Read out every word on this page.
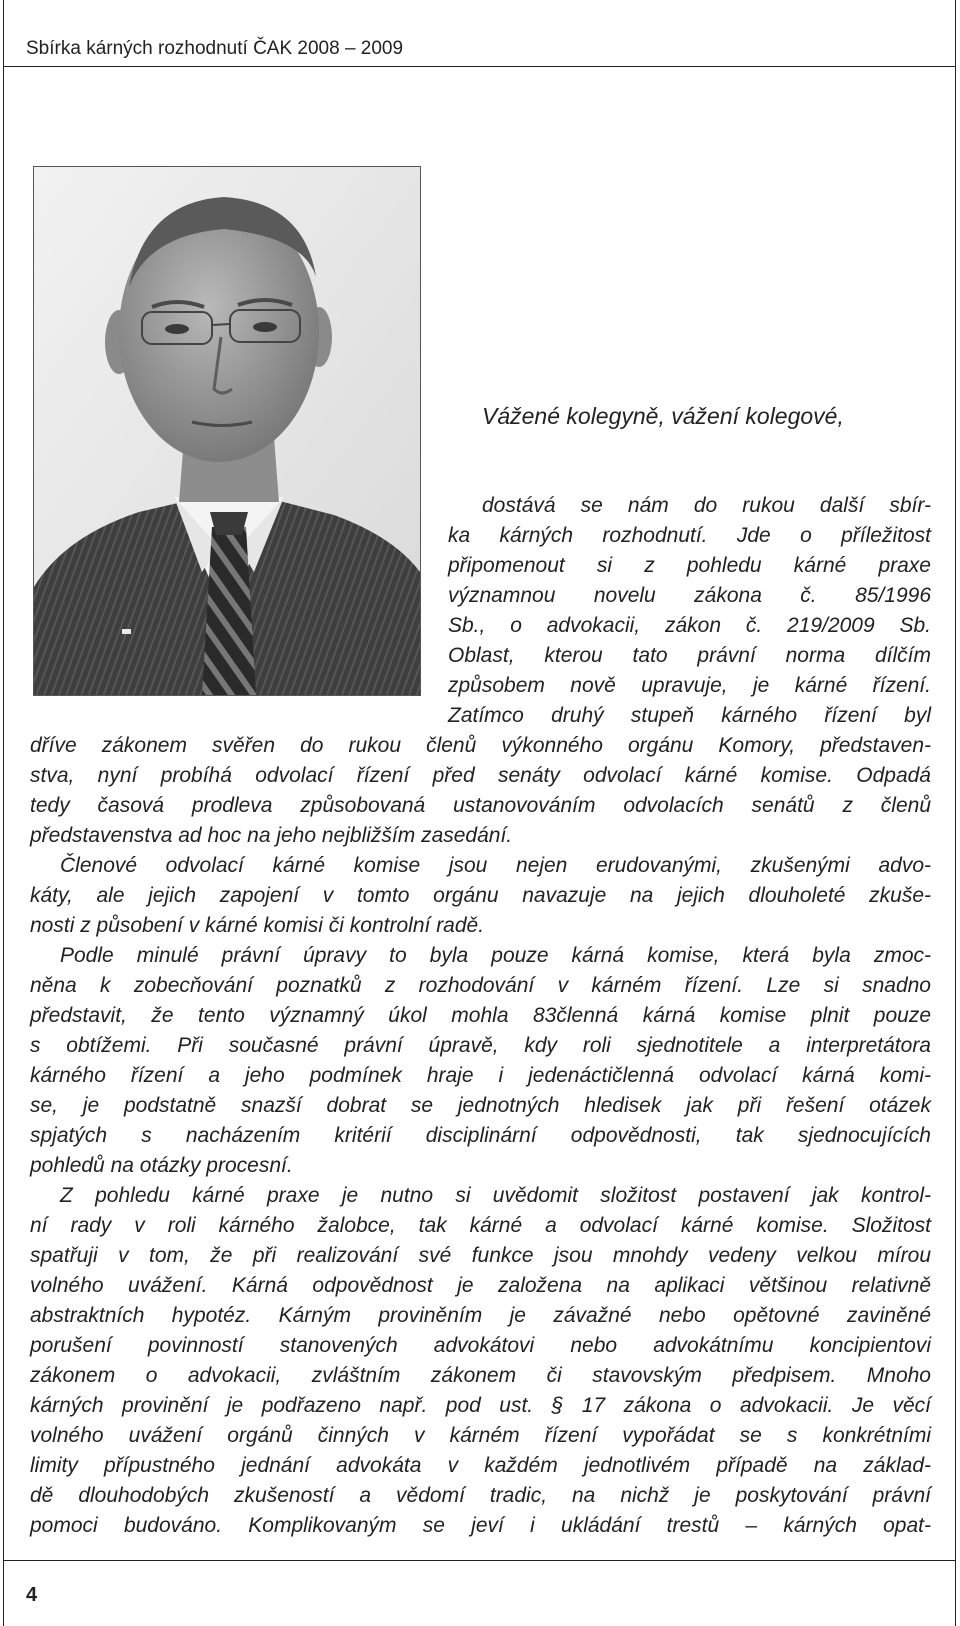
Sbírka kárných rozhodnutí ČAK 2008 – 2009
Vážené kolegyně, vážení kolegové,
dostává se nám do rukou další sbír-
ka kárných rozhodnutí. Jde o příležitost
připomenout si z pohledu kárné praxe
významnou novelu zákona č. 85/1996
Sb., o advokacii, zákon č. 219/2009 Sb.
Oblast, kterou tato právní norma dílčím
způsobem nově upravuje, je kárné řízení.
Zatímco druhý stupeň kárného řízení byl
dříve zákonem svěřen do rukou členů výkonného orgánu Komory, představen-
stva, nyní probíhá odvolací řízení před senáty odvolací kárné komise. Odpadá
tedy časová prodleva způsobovaná ustanovováním odvolacích senátů z členů
představenstva ad hoc na jeho nejbližším zasedání.
Členové odvolací kárné komise jsou nejen erudovanými, zkušenými advo-
káty, ale jejich zapojení v tomto orgánu navazuje na jejich dlouholeté zkuše-
nosti z působení v kárné komisi či kontrolní radě.
Podle minulé právní úpravy to byla pouze kárná komise, která byla zmoc-
něna k zobecňování poznatků z rozhodování v kárném řízení. Lze si snadno
představit, že tento významný úkol mohla 83členná kárná komise plnit pouze
s obtížemi. Při současné právní úpravě, kdy roli sjednotitele a interpretátora
kárného řízení a jeho podmínek hraje i jedenáctičlenná odvolací kárná komi-
se, je podstatně snazší dobrat se jednotných hledisek jak při řešení otázek
spjatých s nacházením kritérií disciplinární odpovědnosti, tak sjednocujících
pohledů na otázky procesní.
Z pohledu kárné praxe je nutno si uvědomit složitost postavení jak kontrol-
ní rady v roli kárného žalobce, tak kárné a odvolací kárné komise. Složitost
spatřuji v tom, že při realizování své funkce jsou mnohdy vedeny velkou mírou
volného uvážení. Kárná odpovědnost je založena na aplikaci většinou relativně
abstraktních hypotéz. Kárným proviněním je závažné nebo opětovné zaviněné
porušení povinností stanovených advokátovi nebo advokátnímu koncipientovi
zákonem o advokacii, zvláštním zákonem či stavovským předpisem. Mnoho
kárných provinění je podřazeno např. pod ust. § 17 zákona o advokacii. Je věcí
volného uvážení orgánů činných v kárném řízení vypořádat se s konkrétními
limity přípustného jednání advokáta v každém jednotlivém případě na základ-
dě dlouhodobých zkušeností a vědomí tradic, na nichž je poskytování právní
pomoci budováno. Komplikovaným se jeví i ukládání trestů – kárných opat-
4
